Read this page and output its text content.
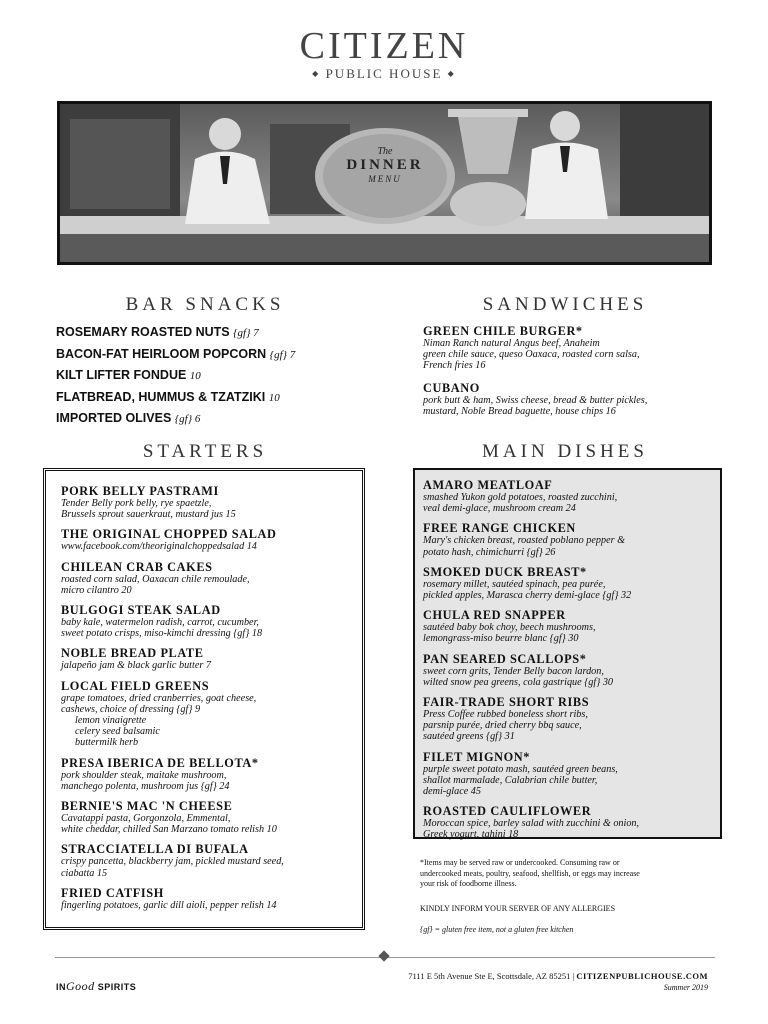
CITIZEN
◆ PUBLIC HOUSE ◆
The
DINNER
MENU
BAR SNACKS
ROSEMARY ROASTED NUTS {gf} 7
BACON-FAT HEIRLOOM POPCORN {gf} 7
KILT LIFTER FONDUE 10
FLATBREAD, HUMMUS & TZATZIKI 10
IMPORTED OLIVES {gf} 6
SANDWICHES
GREEN CHILE BURGER*
Niman Ranch natural Angus beef, Anaheim
green chile sauce, queso Oaxaca, roasted corn salsa,
French fries 16
CUBANO
pork butt & ham, Swiss cheese, bread & butter pickles,
mustard, Noble Bread baguette, house chips 16
STARTERS
PORK BELLY PASTRAMI
Tender Belly pork belly, rye spaetzle,
Brussels sprout sauerkraut, mustard jus 15
THE ORIGINAL CHOPPED SALAD
www.facebook.com/theoriginalchoppedsalad 14
CHILEAN CRAB CAKES
roasted corn salad, Oaxacan chile remoulade,
micro cilantro 20
BULGOGI STEAK SALAD
baby kale, watermelon radish, carrot, cucumber,
sweet potato crisps, miso-kimchi dressing {gf} 18
NOBLE BREAD PLATE
jalapeño jam & black garlic butter 7
LOCAL FIELD GREENS
grape tomatoes, dried cranberries, goat cheese,
cashews, choice of dressing {gf} 9
lemon vinaigrette
celery seed balsamic
buttermilk herb
PRESA IBERICA DE BELLOTA*
pork shoulder steak, maitake mushroom,
manchego polenta, mushroom jus {gf} 24
BERNIE'S MAC 'N CHEESE
Cavatappi pasta, Gorgonzola, Emmental,
white cheddar, chilled San Marzano tomato relish 10
STRACCIATELLA DI BUFALA
crispy pancetta, blackberry jam, pickled mustard seed,
ciabatta 15
FRIED CATFISH
fingerling potatoes, garlic dill aioli, pepper relish 14
MAIN DISHES
AMARO MEATLOAF
smashed Yukon gold potatoes, roasted zucchini,
veal demi-glace, mushroom cream 24
FREE RANGE CHICKEN
Mary's chicken breast, roasted poblano pepper &
potato hash, chimichurri {gf} 26
SMOKED DUCK BREAST*
rosemary millet, sautéed spinach, pea purée,
pickled apples, Marasca cherry demi-glace {gf} 32
CHULA RED SNAPPER
sautéed baby bok choy, beech mushrooms,
lemongrass-miso beurre blanc {gf} 30
PAN SEARED SCALLOPS*
sweet corn grits, Tender Belly bacon lardon,
wilted snow pea greens, cola gastrique {gf} 30
FAIR-TRADE SHORT RIBS
Press Coffee rubbed boneless short ribs,
parsnip purée, dried cherry bbq sauce,
sautéed greens {gf} 31
FILET MIGNON*
purple sweet potato mash, sautéed green beans,
shallot marmalade, Calabrian chile butter,
demi-glace 45
ROASTED CAULIFLOWER
Moroccan spice, barley salad with zucchini & onion,
Greek yogurt, tahini 18
*Items may be served raw or undercooked. Consuming raw or
undercooked meats, poultry, seafood, shellfish, or eggs may increase
your risk of foodborne illness.
KINDLY INFORM YOUR SERVER OF ANY ALLERGIES
{gf} = gluten free item, not a gluten free kitchen
INGood SPIRITS
7111 E 5th Avenue Ste E, Scottsdale, AZ 85251 | CITIZENPUBLICHOUSE.COM
Summer 2019
